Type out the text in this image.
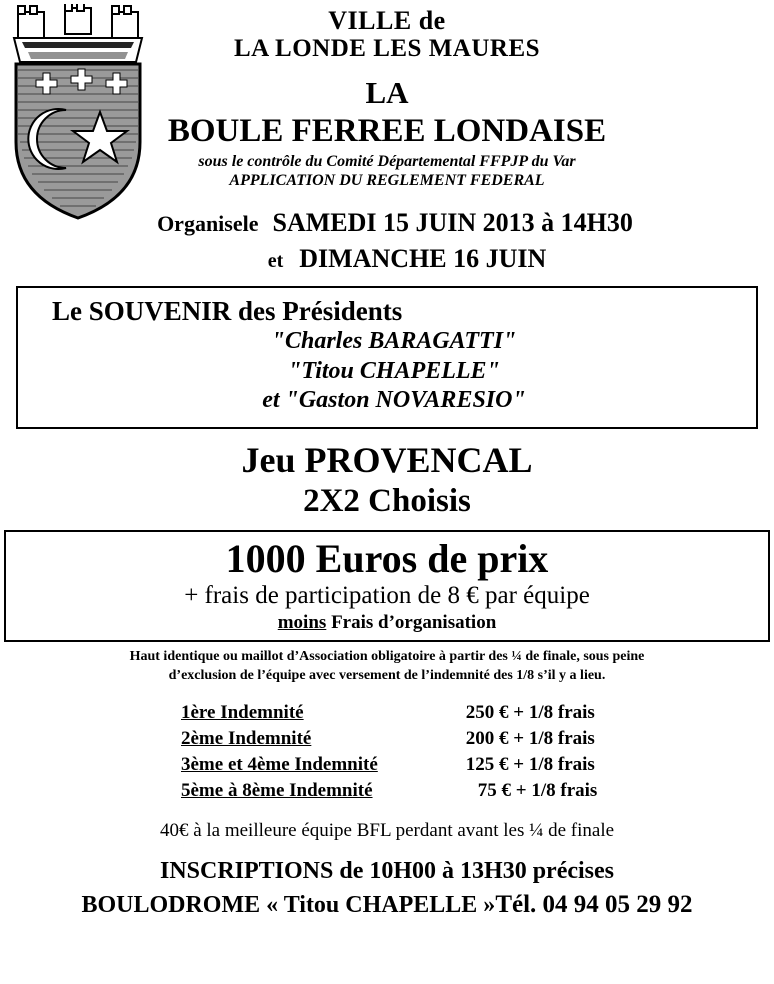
VILLE de
LA LONDE LES MAURES
LA
BOULE FERREE LONDAISE
sous le contrôle du Comité Départemental FFPJP du Var
APPLICATION DU REGLEMENT FEDERAL
Organisele SAMEDI 15 JUIN 2013 à 14H30
et DIMANCHE 16 JUIN
Le SOUVENIR des Présidents
"Charles BARAGATTI"
"Titou CHAPELLE"
et "Gaston NOVARESIO"
Jeu PROVENCAL
2X2 Choisis
1000 Euros de prix
+ frais de participation de 8 € par équipe
moins Frais d’organisation
Haut identique ou maillot d’Association obligatoire à partir des ¼ de finale, sous peine
d’exclusion de l’équipe avec versement de l’indemnité des 1/8 s’il y a lieu.
1ère Indemnité	250 € + 1/8 frais
2ème Indemnité	200 € + 1/8 frais
3ème et 4ème Indemnité	125 € + 1/8 frais
5ème à 8ème Indemnité	75 € + 1/8 frais
40€ à la meilleure équipe BFL perdant avant les ¼ de finale
INSCRIPTIONS de 10H00 à 13H30 précises
BOULODROME « Titou CHAPELLE »Tél. 04 94 05 29 92
